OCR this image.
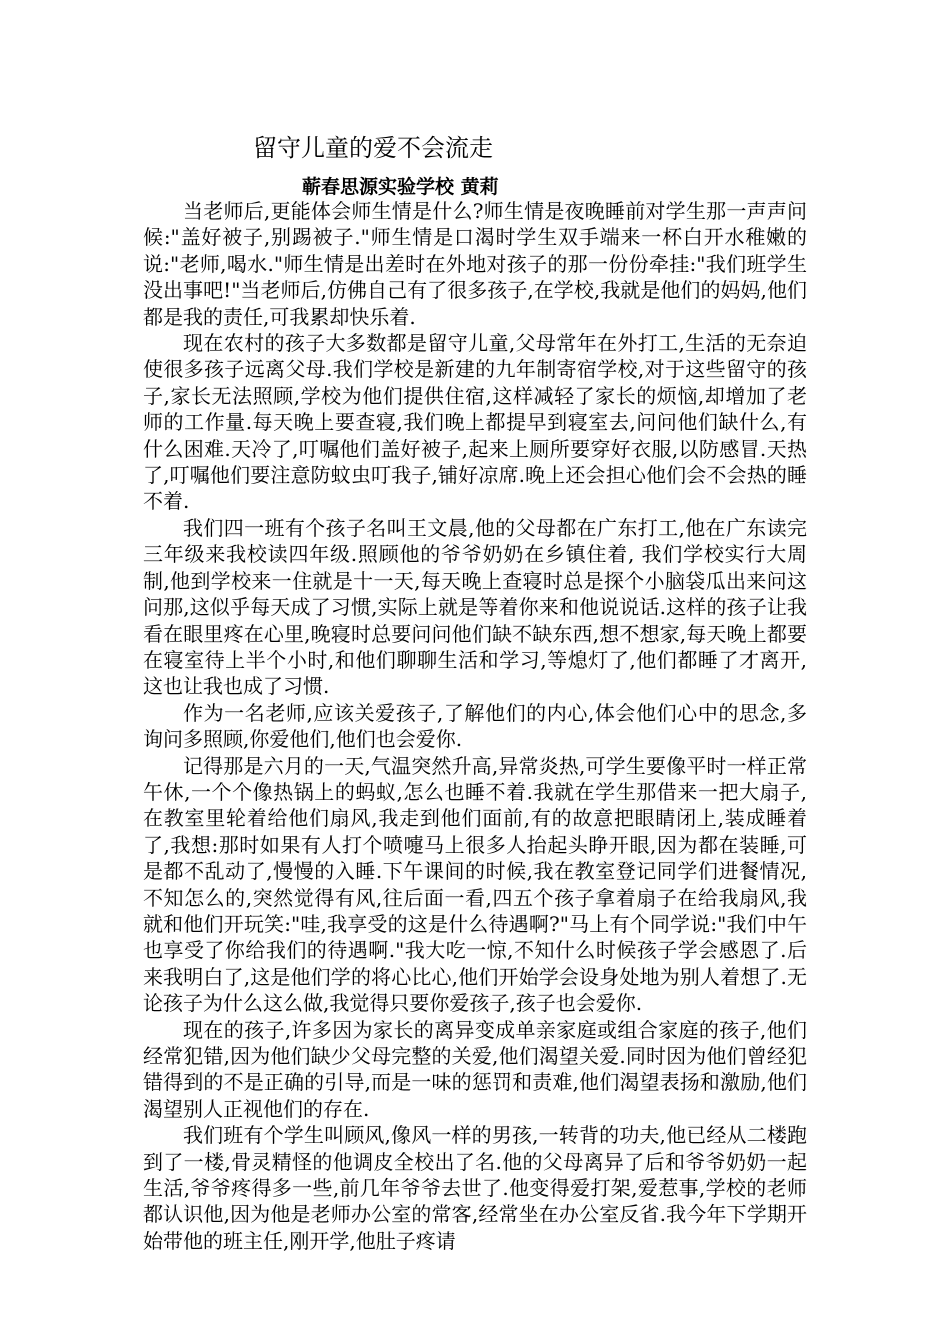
留守儿童的爱不会流走
蕲春思源实验学校 黄莉

当老师后,更能体会师生情是什么?师生情是夜晚睡前对学生那一声声问候:"盖好被子,别踢被子."师生情是口渴时学生双手端来一杯白开水稚嫩的说:"老师,喝水."师生情是出差时在外地对孩子的那一份份牵挂:"我们班学生没出事吧!"当老师后,仿佛自己有了很多孩子,在学校,我就是他们的妈妈,他们都是我的责任,可我累却快乐着.

现在农村的孩子大多数都是留守儿童,父母常年在外打工,生活的无奈迫使很多孩子远离父母.我们学校是新建的九年制寄宿学校,对于这些留守的孩子,家长无法照顾,学校为他们提供住宿,这样减轻了家长的烦恼,却增加了老师的工作量.每天晚上要查寝,我们晚上都提早到寝室去,问问他们缺什么,有什么困难.天冷了,叮嘱他们盖好被子,起来上厕所要穿好衣服,以防感冒.天热了,叮嘱他们要注意防蚊虫叮我子,铺好凉席.晚上还会担心他们会不会热的睡不着.

我们四一班有个孩子名叫王文晨,他的父母都在广东打工,他在广东读完三年级来我校读四年级.照顾他的爷爷奶奶在乡镇住着, 我们学校实行大周制,他到学校来一住就是十一天,每天晚上查寝时总是探个小脑袋瓜出来问这问那,这似乎每天成了习惯,实际上就是等着你来和他说说话.这样的孩子让我看在眼里疼在心里,晚寝时总要问问他们缺不缺东西,想不想家,每天晚上都要在寝室待上半个小时,和他们聊聊生活和学习,等熄灯了,他们都睡了才离开,这也让我也成了习惯.

作为一名老师,应该关爱孩子,了解他们的内心,体会他们心中的思念,多询问多照顾,你爱他们,他们也会爱你.

记得那是六月的一天,气温突然升高,异常炎热,可学生要像平时一样正常午休,一个个像热锅上的蚂蚁,怎么也睡不着.我就在学生那借来一把大扇子,在教室里轮着给他们扇风,我走到他们面前,有的故意把眼睛闭上,装成睡着了,我想:那时如果有人打个喷嚏马上很多人抬起头睁开眼,因为都在装睡,可是都不乱动了,慢慢的入睡.下午课间的时候,我在教室登记同学们进餐情况,不知怎么的,突然觉得有风,往后面一看,四五个孩子拿着扇子在给我扇风,我就和他们开玩笑:"哇,我享受的这是什么待遇啊?"马上有个同学说:"我们中午也享受了你给我们的待遇啊."我大吃一惊,不知什么时候孩子学会感恩了.后来我明白了,这是他们学的将心比心,他们开始学会设身处地为别人着想了.无论孩子为什么这么做,我觉得只要你爱孩子,孩子也会爱你.

现在的孩子,许多因为家长的离异变成单亲家庭或组合家庭的孩子,他们经常犯错,因为他们缺少父母完整的关爱,他们渴望关爱.同时因为他们曾经犯错得到的不是正确的引导,而是一味的惩罚和责难,他们渴望表扬和激励,他们渴望别人正视他们的存在.

我们班有个学生叫顾风,像风一样的男孩,一转背的功夫,他已经从二楼跑到了一楼,骨灵精怪的他调皮全校出了名.他的父母离异了后和爷爷奶奶一起生活,爷爷疼得多一些,前几年爷爷去世了.他变得爱打架,爱惹事,学校的老师都认识他,因为他是老师办公室的常客,经常坐在办公室反省.我今年下学期开始带他的班主任,刚开学,他肚子疼请
